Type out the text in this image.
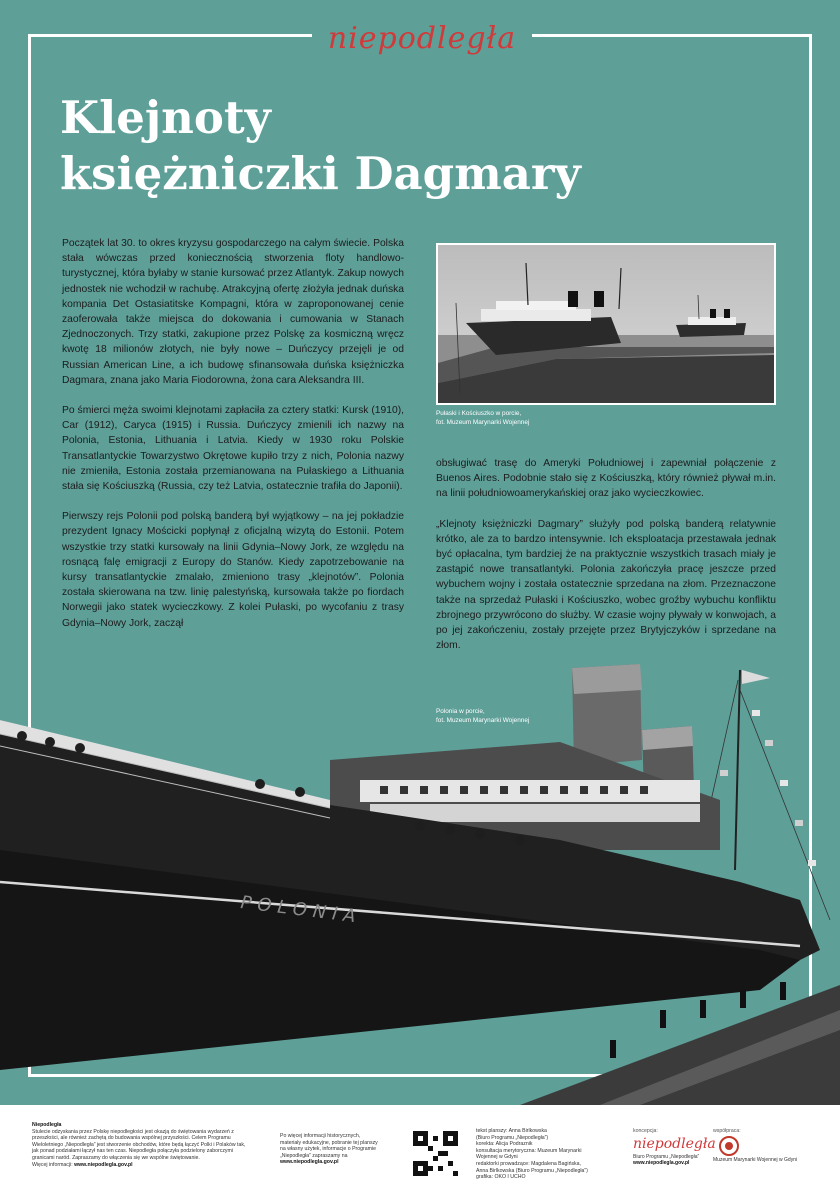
niepodległa
Klejnoty
księżniczki Dagmary

Początek lat 30. to okres kryzysu gospodarczego na całym świecie. Polska stała wówczas przed koniecznością stworzenia floty handlowo-turystycznej, która byłaby w stanie kursować przez Atlantyk. Zakup nowych jednostek nie wchodził w rachubę. Atrakcyjną ofertę złożyła jednak duńska kompania Det Ostasiatitske Kompagni, która w zaproponowanej cenie zaoferowała także miejsca do dokowania i cumowania w Stanach Zjednoczonych. Trzy statki, zakupione przez Polskę za kosmiczną wręcz kwotę 18 milionów złotych, nie były nowe – Duńczycy przejęli je od Russian American Line, a ich budowę sfinansowała duńska księżniczka Dagmara, znana jako Maria Fiodorowna, żona cara Aleksandra III.

Po śmierci męża swoimi klejnotami zapłaciła za cztery statki: Kursk (1910), Car (1912), Caryca (1915) i Russia. Duńczycy zmienili ich nazwy na Polonia, Estonia, Lithuania i Latvia. Kiedy w 1930 roku Polskie Transatlantyckie Towarzystwo Okrętowe kupiło trzy z nich, Polonia nazwy nie zmieniła, Estonia została przemianowana na Pułaskiego a Lithuania stała się Kościuszką (Russia, czy też Latvia, ostatecznie trafiła do Japonii).

Pierwszy rejs Polonii pod polską banderą był wyjątkowy – na jej pokładzie prezydent Ignacy Mościcki popłynął z oficjalną wizytą do Estonii. Potem wszystkie trzy statki kursowały na linii Gdynia–Nowy Jork, ze względu na rosnącą falę emigracji z Europy do Stanów. Kiedy zapotrzebowanie na kursy transatlantyckie zmalało, zmieniono trasy „klejnotów”. Polonia została skierowana na tzw. linię palestyńską, kursowała także po fiordach Norwegii jako statek wycieczkowy. Z kolei Pułaski, po wycofaniu z trasy Gdynia–Nowy Jork, zaczął

Pułaski i Kościuszko w porcie,
fot. Muzeum Marynarki Wojennej

obsługiwać trasę do Ameryki Południowej i zapewniał połączenie z Buenos Aires. Podobnie stało się z Kościuszką, który również pływał m.in. na linii południowoamerykańskiej oraz jako wycieczkowiec.

„Klejnoty księżniczki Dagmary” służyły pod polską banderą relatywnie krótko, ale za to bardzo intensywnie. Ich eksploatacja przestawała jednak być opłacalna, tym bardziej że na praktycznie wszystkich trasach miały je zastąpić nowe transatlantyki. Polonia zakończyła pracę jeszcze przed wybuchem wojny i została ostatecznie sprzedana na złom. Przeznaczone także na sprzedaż Pułaski i Kościuszko, wobec groźby wybuchu konfliktu zbrojnego przywrócono do służby. W czasie wojny pływały w konwojach, a po jej zakończeniu, zostały przejęte przez Brytyjczyków i sprzedane na złom.

POLONIA
Polonia w porcie,
fot. Muzeum Marynarki Wojennej
Niepodległa
Stulecie odzyskania przez Polskę niepodległości jest okazją do świętowania wydarzeń z przeszłości, ale również zachętą do budowania wspólnej przyszłości. Celem Programu Wieloletniego „Niepodległa” jest stworzenie obchodów, które będą łączyć Polki i Polaków tak, jak ponad podziałami łączył nas ten czas. Niepodległa połączyła podzielony zaborczymi granicami naród. Zapraszamy do włączenia się we wspólne świętowanie.
Więcej informacji: www.niepodlegla.gov.pl
Po więcej informacji historycznych, materiały edukacyjne, pobranie tej planszy na własny użytek, informacje o Programie „Niepodległa” zapraszamy na
www.niepodlegla.gov.pl
tekst planszy: Anna Birlkowska
(Biuro Programu „Niepodległa”)
korekta: Alicja Podraznik
konsultacja merytoryczna: Muzeum Marynarki
Wojennej w Gdyni
redaktorki prowadzące: Magdalena Bagińska,
Anna Birlkowska (Biuro Programu „Niepodległa”)
grafika: OKO I UCHO
koncepcja:
niepodległa
Biuro Programu „Niepodległa”
www.niepodlegla.gov.pl
współpraca:
Muzeum Marynarki Wojennej w Gdyni
